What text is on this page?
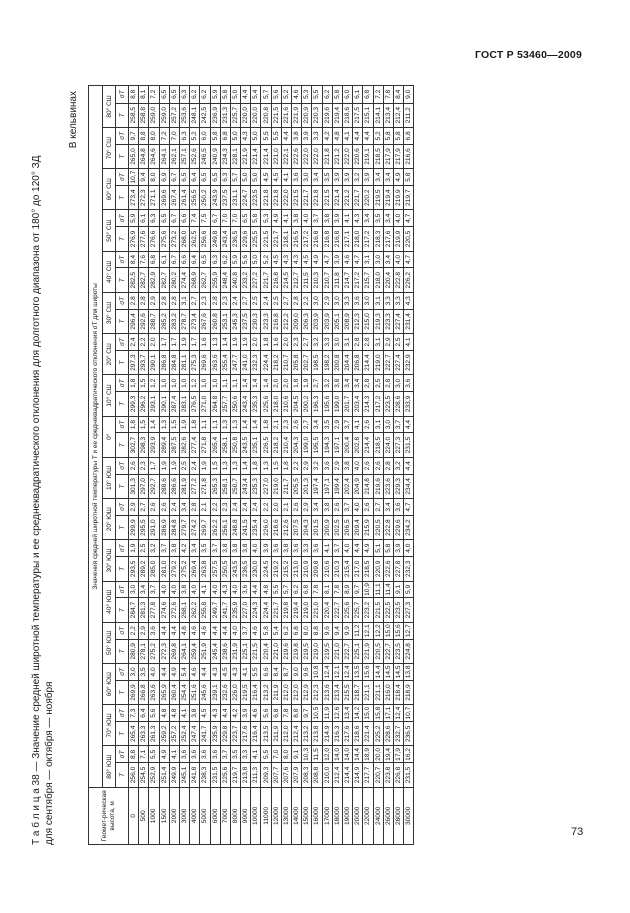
ГОСТ Р 53460—2009
Т а б л и ц а 38 — Значение средней широтной температуры и ее среднеквадратического отклонения для долготного диапазона от 180° до 120° ЗД для сентября — октября — ноября
В кельвинах
Геомет-рическая высота, м	Значения средней широтной температуры T и ее среднеквадратического отклонения σT для широты																																	
	80° ЮШ		70° ЮШ		60° ЮШ		50° ЮШ		40° ЮШ		30° ЮШ		20° ЮШ		10° ЮШ		0°		10° СШ		20° СШ		30° СШ		40° СШ		50° СШ		60° СШ		70° СШ		80° СШ	
	T	σT	T	σT	T	σT	T	σT	T	σT	T	σT	T	σT	T	σT	T	σT	T	σT	T	σT	T	σT	T	σT	T	σT	T	σT	T	σT	T	σT
0	256,0	8,8	265,4	7,3	269,9	3,0	280,9	2,2	284,7	3,0	293,5	1,9	299,9	2,9	301,3	2,6	302,7	1,8	299,3	1,8	297,3	2,4	296,4	2,8	282,5	8,4	276,9	5,9	273,4	10,7	265,0	9,7	258,5	8,8
500	254,5	7,1	263,3	6,4	266,8	3,5	278,1	2,9	281,3	3,4	289,2	2,5	295,5	2,7	297,0	2,3	298,3	1,5	296,2	1,5	293,7	2,2	292,6	2,8	282,7	7,6	277,6	6,1	272,3	9,4	264,8	8,8	258,8	8,1
1000	252,9	5,5	261,3	5,6	263,6	4,0	275,2	3,6	277,8	3,7	285,0	3,2	291,0	2,6	292,7	1,7	293,9	1,4	293,1	1,2	290,1	2,0	288,7	2,9	282,9	6,8	276,6	6,3	271,1	8,0	264,6	8,0	259,0	7,2
1500	251,4	4,9	259,2	4,8	265,9	4,4	272,3	4,4	274,6	4,0	281,0	3,7	286,9	2,6	288,6	1,9	289,4	1,3	290,1	1,0	286,8	1,7	285,2	2,8	282,7	6,1	275,6	6,5	269,6	6,9	264,1	7,2	259,0	6,5
2000	249,9	4,1	257,2	4,8	260,4	4,9	269,8	4,4	272,6	4,0	279,2	3,8	284,8	2,4	286,6	1,9	287,5	1,5	287,4	1,0	284,8	1,7	283,2	2,8	280,2	6,7	273,2	6,7	267,4	6,7	262,1	7,0	257,2	6,5
3000	245,1	3,6	252,4	4,1	254,4	5,4	264,1	4,8	268,1	3,8	275,2	4,2	279,7	3,4	281,9	2,5	282,6	1,9	283,1	1,0	281,1	1,9	278,7	3,1	274,4	6,6	268,0	6,6	261,4	6,5	257,1	6,3	253,6	6,3
4000	241,8	3,6	247,4	3,8	251,6	4,6	259,4	4,6	262,2	4,0	269,4	3,4	274,2	2,8	277,2	2,4	277,4	1,8	276,5	1,2	275,3	1,7	273,4	2,7	268,9	6,4	262,5	7,4	256,5	6,4	252,6	5,2	248,1	6,2
5000	238,3	3,6	241,7	4,5	245,6	4,4	251,9	4,6	255,8	4,1	263,8	3,5	269,7	2,1	271,8	1,9	271,8	1,1	271,0	1,0	269,6	1,6	267,6	2,3	262,7	6,5	256,6	7,5	250,2	6,5	246,5	6,0	242,5	6,2
6000	231,5	3,6	235,9	4,3	239,1	4,3	245,4	4,4	249,7	4,0	257,5	3,7	262,2	2,2	265,3	1,5	265,4	1,1	264,8	1,0	263,6	1,3	260,8	2,8	255,9	6,3	249,8	6,7	243,9	6,5	240,9	5,8	236,9	5,9
7000	225,6	3,7	229,8	4,4	232,6	4,5	238,6	4,4	241,7	4,3	250,5	3,8	256,1	2,3	258,1	1,3	258,1	1,3	257,7	1,1	255,4	1,4	253,1	2,3	248,4	6,2	243,4	7,0	237,5	6,3	234,3	6,8	231,3	5,8
8000	219,7	3,5	223,7	4,2	226,0	4,3	231,9	4,0	235,9	4,0	243,5	3,8	248,8	2,4	250,7	1,3	250,8	1,3	250,6	1,1	247,7	1,9	245,3	2,4	240,8	5,9	236,5	7,0	231,1	5,7	228,1	5,0	225,7	5,0
9000	213,8	3,3	217,6	3,9	219,5	4,1	225,1	3,7	227,0	3,6	236,5	3,8	241,5	2,4	243,4	1,4	243,5	1,4	243,4	1,4	241,0	1,9	237,5	2,7	233,2	5,6	229,6	6,5	224,7	5,0	221,9	4,3	220,0	4,4
10000	211,3	4,1	216,4	4,6	216,4	5,5	221,5	4,6	224,3	4,4	230,0	4,0	235,4	2,4	235,3	1,8	235,1	1,4	235,3	1,4	232,3	2,0	230,3	2,5	227,2	5,0	225,5	5,8	223,5	5,0	221,4	5,0	220,0	5,4
11000	209,3	5,5	213,5	5,6	213,2	6,6	220,4	5,8	224,4	4,8	224,5	3,9	226,0	2,2	227,0	1,3	226,5	1,8	225,6	1,4	224,4	1,8	223,3	2,4	221,7	5,2	221,5	5,3	221,8	4,5	221,4	5,5	220,8	5,7
12000	207,7	7,0	211,9	6,8	211,9	8,4	221,0	5,4	221,7	5,5	219,2	3,6	218,6	2,0	219,0	1,5	218,2	2,1	218,0	2,0	218,2	1,6	216,8	2,5	216,8	4,5	221,7	4,9	221,8	4,5	221,0	5,5	221,5	5,6
13000	207,6	8,0	212,0	7,8	212,0	8,7	219,6	6,2	219,8	5,7	215,2	3,8	212,6	2,1	211,7	1,8	210,4	2,3	210,6	2,0	210,7	2,0	212,2	2,7	214,5	4,3	218,1	4,1	222,0	4,1	222,1	4,4	221,6	5,2
14000	207,9	9,1	212,4	8,8	212,0	9,0	219,8	6,8	219,4	6,2	213,0	3,6	207,5	2,6	205,5	2,2	204,3	2,6	204,5	1,8	205,8	2,3	209,0	2,8	212,7	4,3	216,5	3,8	221,5	3,6	222,6	3,8	221,9	4,6
15000	208,3	10,3	213,2	9,7	212,9	9,6	219,5	8,0	219,0	6,8	210,9	3,3	204,3	2,9	201,3	2,9	199,0	2,7	200,2	1,9	202,7	2,7	206,3	2,2	211,5	4,5	217,2	4,0	221,7	3,0	222,0	3,9	220,9	5,3
16000	208,8	11,5	213,8	10,5	212,3	10,8	219,0	8,8	221,0	7,8	209,8	3,6	201,5	3,4	197,4	3,2	195,5	3,4	196,3	2,7	198,5	3,2	203,9	3,0	210,3	4,9	216,8	3,7	221,8	3,4	222,0	3,3	220,3	5,5
17000	210,0	12,0	214,9	11,9	213,6	12,4	219,5	9,6	220,4	8,1	210,6	4,1	200,9	3,8	197,1	3,6	194,3	3,5	195,6	3,2	198,2	3,3	203,9	2,9	210,7	4,7	216,8	3,8	221,5	3,5	221,8	4,2	219,6	6,2
18000	212,4	14,0	216,3	12,6	213,4	12,1	221,0	9,4	222,7	7,8	210,3	3,7	202,5	2,6	199,4	2,9	197,1	2,9	199,0	3,8	200,8	3,0	205,1	3,0	211,8	3,9	216,8	3,9	221,4	3,9	221,2	4,8	219,4	5,8
19000	214,4	14,0	217,6	13,4	215,5	12,4	222,7	9,9	225,6	8,9	215,4	4,0	206,5	3,7	202,4	3,8	200,4	3,7	201,7	3,4	204,4	3,1	208,9	3,3	214,7	4,6	217,1	4,1	221,2	3,9	222,0	4,1	218,6	6,0
20000	214,9	14,4	218,6	14,2	218,7	13,5	225,1	11,2	225,7	9,7	217,0	4,4	209,4	4,0	204,9	4,0	202,8	4,1	203,4	3,4	206,8	2,8	212,3	3,6	217,2	4,7	218,0	4,3	221,7	3,2	220,6	4,4	217,5	6,1
22000	217,7	18,9	221,4	15,0	221,1	15,6	221,9	12,1	223,2	10,9	218,5	4,9	215,9	2,6	214,8	2,6	214,4	2,6	214,3	2,8	214,4	2,8	215,0	3,0	215,7	3,1	217,2	3,4	220,2	3,9	219,1	4,4	215,1	6,8
24000	220,7	20,0	225,2	15,8	221,1	14,4	220,5	12,2	221,5	11,1	220,9	5,1	220,5	2,7	219,6	2,6	218,5	3,1	217,2	2,5	219,0	3,1	219,3	3,1	218,0	3,0	218,3	3,5	219,5	3,4	218,5	5,2	214,1	7,2
26000	223,8	19,4	228,6	17,1	216,0	14,5	222,7	15,0	222,5	11,4	222,6	5,8	222,8	3,4	223,6	2,8	224,0	3,0	223,5	2,8	222,7	2,9	223,3	3,3	220,4	3,4	217,6	3,4	219,4	3,4	217,9	5,8	213,4	7,8
28000	226,8	17,9	232,7	12,4	218,4	14,5	223,5	15,6	223,5	9,1	227,8	3,9	229,6	3,6	229,3	3,2	227,3	3,7	228,6	3,0	227,4	2,5	227,4	3,3	222,8	4,0	219,9	4,0	219,9	4,9	217,9	5,8	212,4	8,4
30000	231,5	16,2	236,5	10,7	218,9	13,8	224,8	12,7	227,3	5,9	232,3	4,0	234,2	4,7	234,4	4,4	231,5	4,4	233,9	3,6	232,9	4,1	231,4	4,3	226,2	4,7	220,5	4,7	219,7	5,8	216,6	6,8	211,2	9,0
73
